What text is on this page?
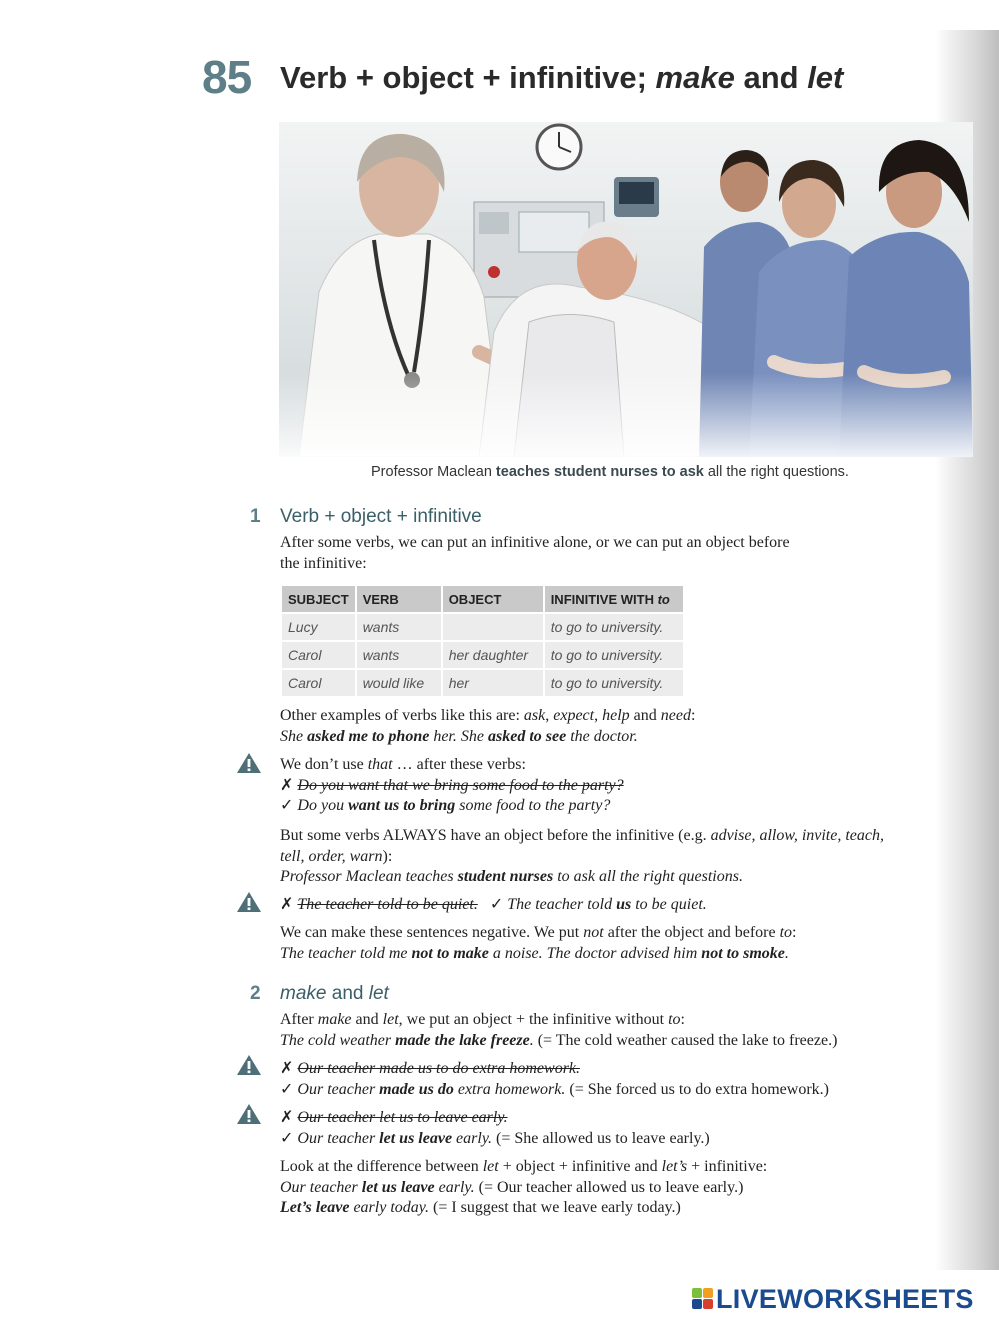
85 Verb + object + infinitive; make and let
Professor Maclean teaches student nurses to ask all the right questions.
1 Verb + object + infinitive
After some verbs, we can put an infinitive alone, or we can put an object before
the infinitive:
SUBJECT	VERB	OBJECT	INFINITIVE WITH to
Lucy	wants		to go to university.
Carol	wants	her daughter	to go to university.
Carol	would like	her	to go to university.
Other examples of verbs like this are: ask, expect, help and need:
She asked me to phone her. She asked to see the doctor.
We don’t use that … after these verbs:
✗ Do you want that we bring some food to the party?
✓ Do you want us to bring some food to the party?
But some verbs ALWAYS have an object before the infinitive (e.g. advise, allow, invite, teach,
tell, order, warn):
Professor Maclean teaches student nurses to ask all the right questions.
✗ The teacher told to be quiet. ✓ The teacher told us to be quiet.
We can make these sentences negative. We put not after the object and before to:
The teacher told me not to make a noise. The doctor advised him not to smoke.
2 make and let
After make and let, we put an object + the infinitive without to:
The cold weather made the lake freeze. (= The cold weather caused the lake to freeze.)
✗ Our teacher made us to do extra homework.
✓ Our teacher made us do extra homework. (= She forced us to do extra homework.)
✗ Our teacher let us to leave early.
✓ Our teacher let us leave early. (= She allowed us to leave early.)
Look at the difference between let + object + infinitive and let’s + infinitive:
Our teacher let us leave early. (= Our teacher allowed us to leave early.)
Let’s leave early today. (= I suggest that we leave early today.)
LIVEWORKSHEETS
